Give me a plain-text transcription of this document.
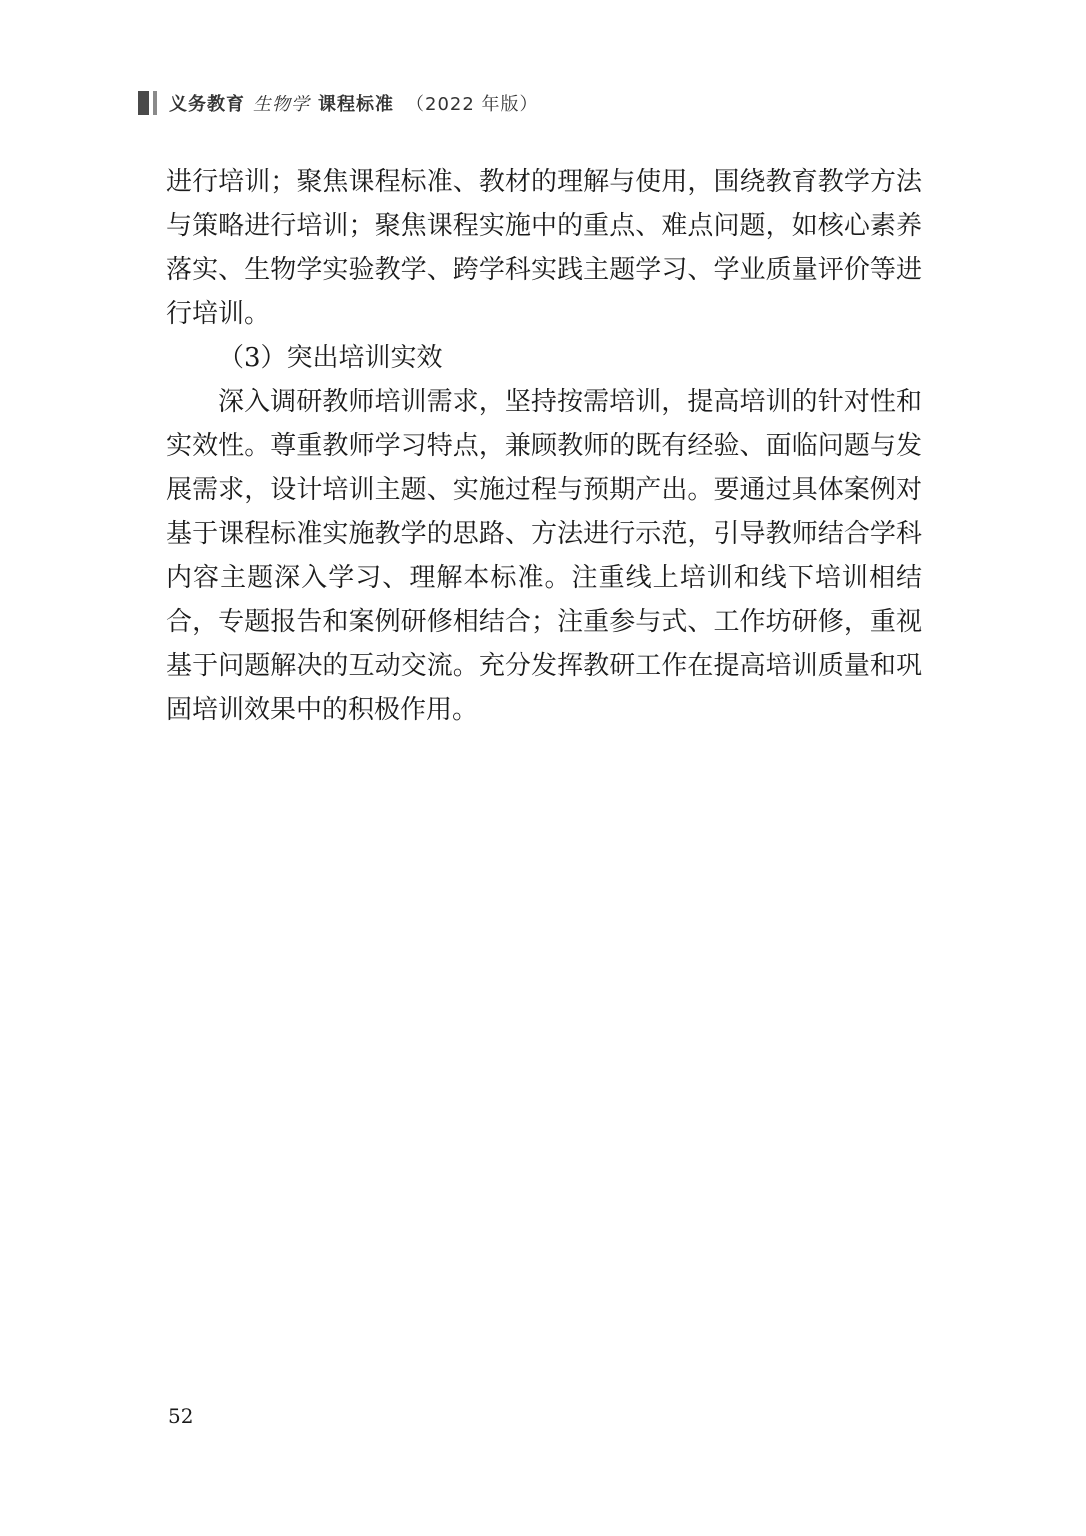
义务教育 生物学 课程标准 （2022 年版）

进行培训；聚焦课程标准、教材的理解与使用，围绕教育教学方法与策略进行培训；聚焦课程实施中的重点、难点问题，如核心素养落实、生物学实验教学、跨学科实践主题学习、学业质量评价等进行培训。

（3）突出培训实效

深入调研教师培训需求，坚持按需培训，提高培训的针对性和实效性。尊重教师学习特点，兼顾教师的既有经验、面临问题与发展需求，设计培训主题、实施过程与预期产出。要通过具体案例对基于课程标准实施教学的思路、方法进行示范，引导教师结合学科内容主题深入学习、理解本标准。注重线上培训和线下培训相结合，专题报告和案例研修相结合；注重参与式、工作坊研修，重视基于问题解决的互动交流。充分发挥教研工作在提高培训质量和巩固培训效果中的积极作用。

52
